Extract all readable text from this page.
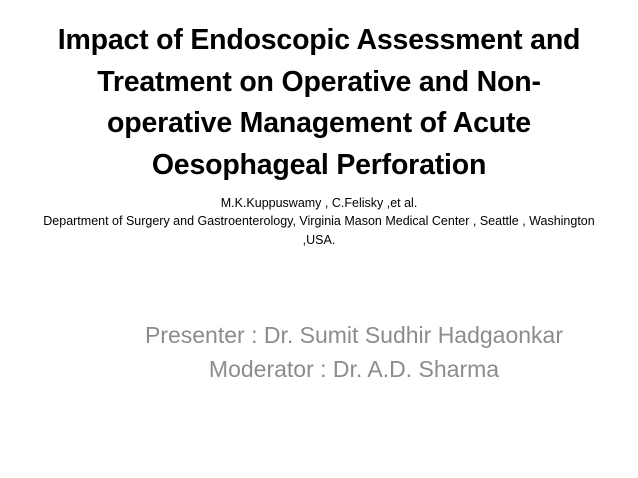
Impact of Endoscopic Assessment and
Treatment on Operative and Non-
operative Management of Acute
Oesophageal Perforation
M.K.Kuppuswamy , C.Felisky ,et al.
Department of Surgery and Gastroenterology, Virginia Mason Medical Center , Seattle , Washington ,USA.
Presenter : Dr. Sumit Sudhir Hadgaonkar
Moderator : Dr. A.D. Sharma
